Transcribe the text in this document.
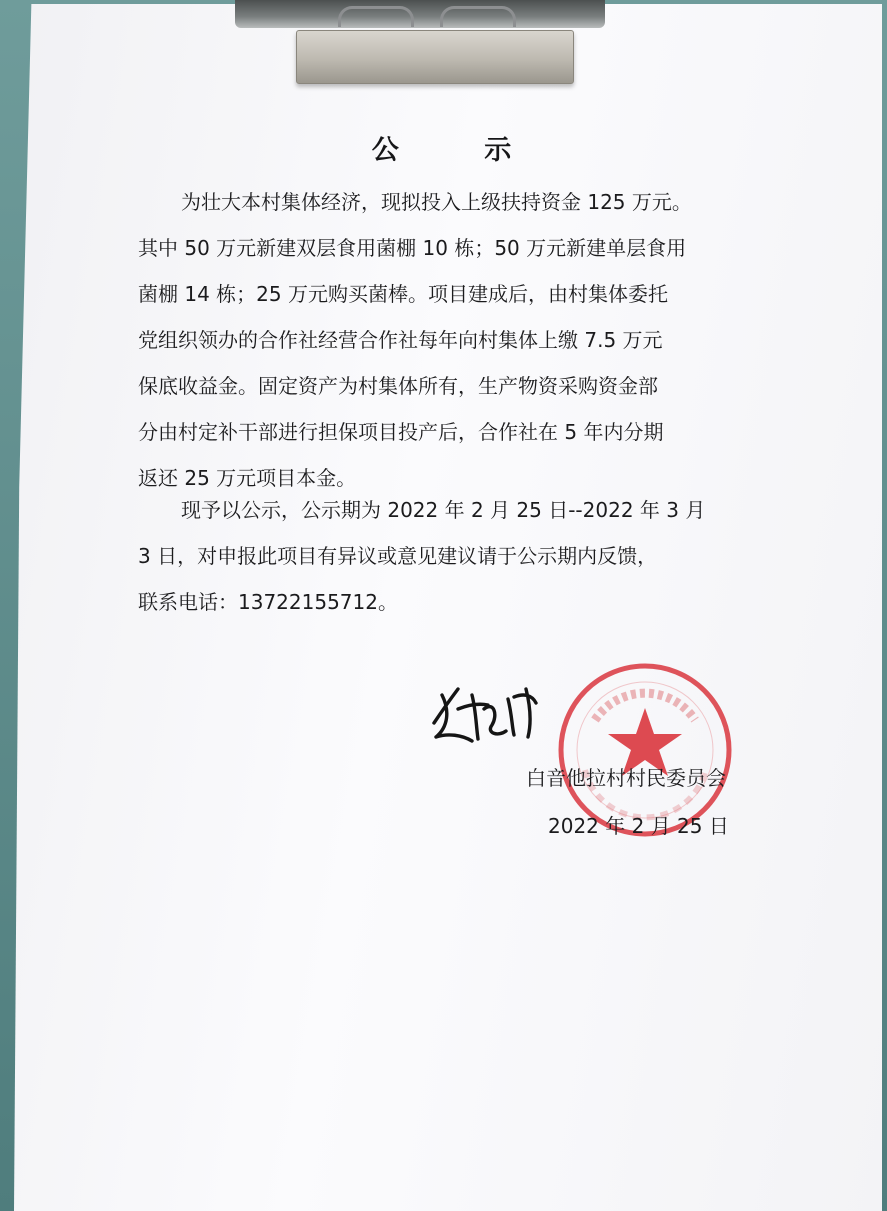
公 示

为壮大本村集体经济，现拟投入上级扶持资金 125 万元。

其中 50 万元新建双层食用菌棚 10 栋；50 万元新建单层食用

菌棚 14 栋；25 万元购买菌棒。项目建成后，由村集体委托

党组织领办的合作社经营合作社每年向村集体上缴 7.5 万元

保底收益金。固定资产为村集体所有，生产物资采购资金部

分由村定补干部进行担保项目投产后，合作社在 5 年内分期

返还 25 万元项目本金。

现予以公示，公示期为 2022 年 2 月 25 日--2022 年 3 月

3 日，对申报此项目有异议或意见建议请于公示期内反馈，

联系电话：13722155712。

白音他拉村村民委员会
2022 年 2 月 25 日
